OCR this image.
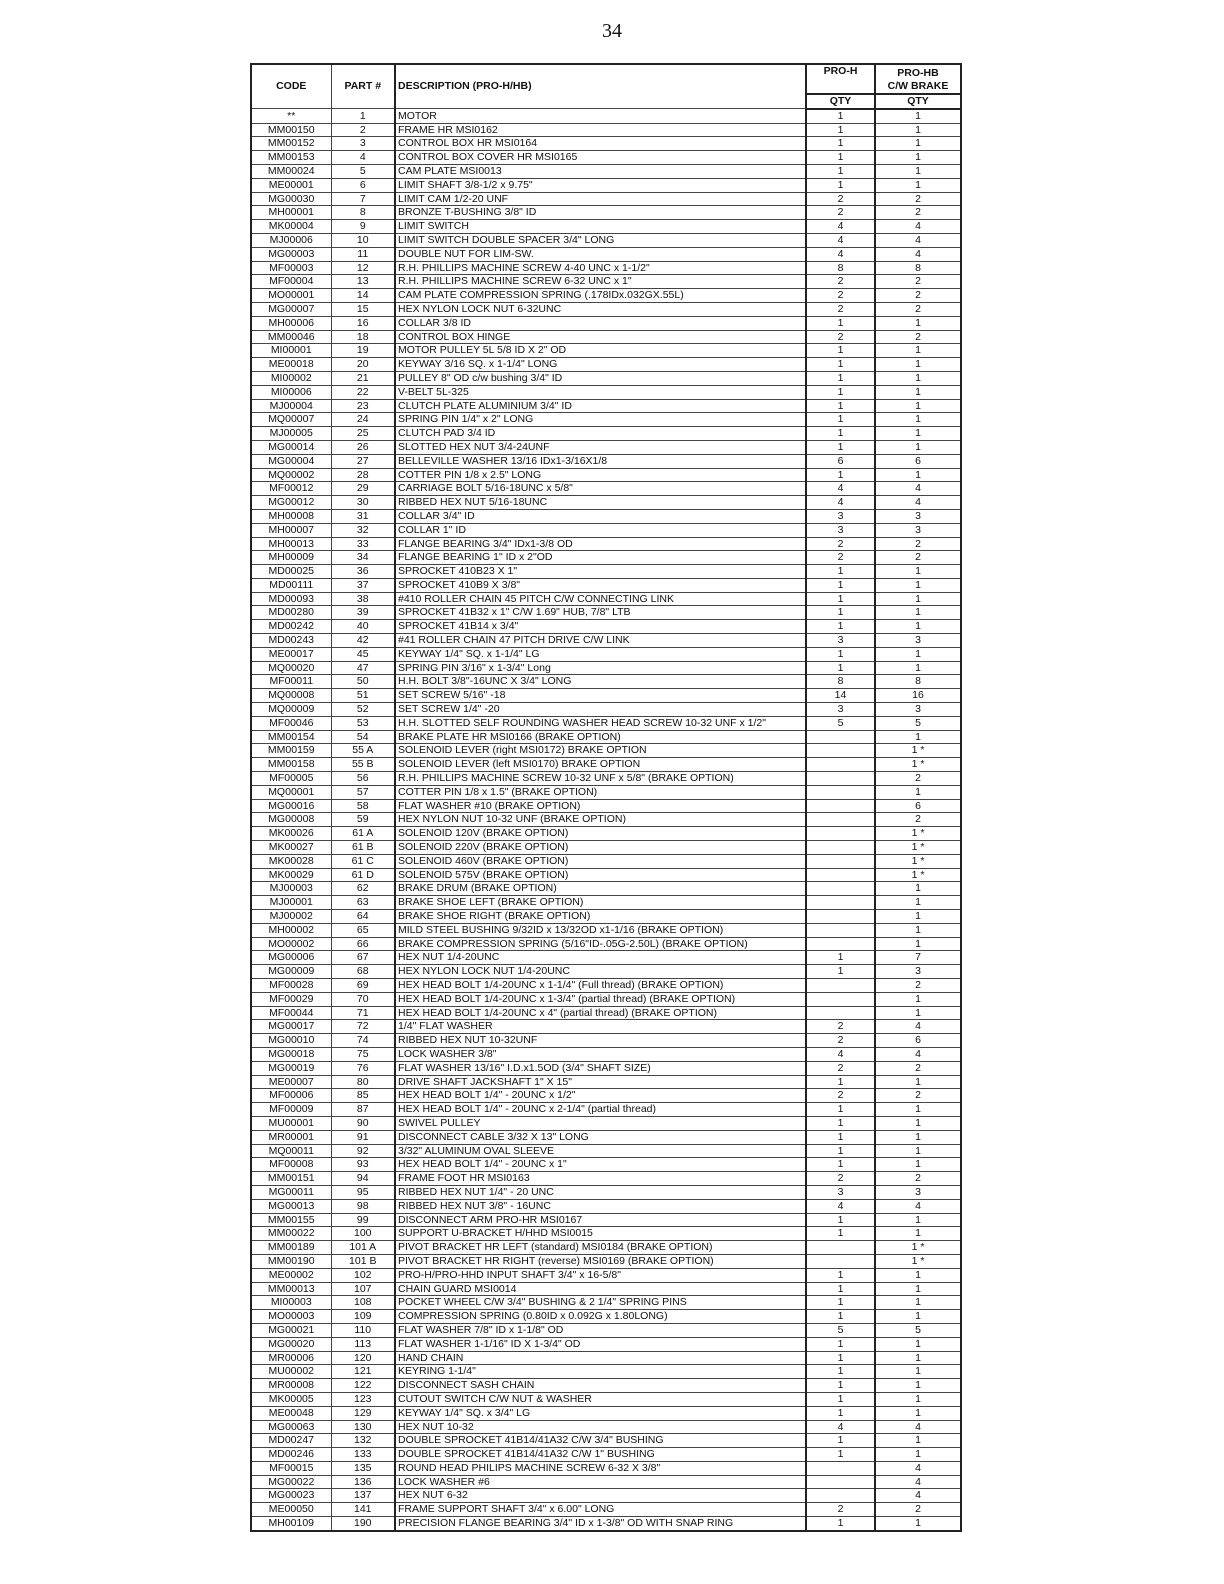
34
CODE	PART #	DESCRIPTION (PRO-H/HB)	PRO-H	PRO-HB
C/W BRAKE
			QTY	QTY
**	1	MOTOR	1	1
MM00150	2	FRAME HR MSI0162	1	1
MM00152	3	CONTROL BOX HR MSI0164	1	1
MM00153	4	CONTROL BOX COVER HR MSI0165	1	1
MM00024	5	CAM PLATE MSI0013	1	1
ME00001	6	LIMIT SHAFT 3/8-1/2 x 9.75"	1	1
MG00030	7	LIMIT CAM 1/2-20 UNF	2	2
MH00001	8	BRONZE T-BUSHING 3/8" ID	2	2
MK00004	9	LIMIT SWITCH	4	4
MJ00006	10	LIMIT SWITCH DOUBLE SPACER 3/4" LONG	4	4
MG00003	11	DOUBLE NUT FOR LIM-SW.	4	4
MF00003	12	R.H. PHILLIPS MACHINE SCREW 4-40 UNC x 1-1/2"	8	8
MF00004	13	R.H. PHILLIPS MACHINE SCREW 6-32 UNC x 1"	2	2
MO00001	14	CAM PLATE COMPRESSION SPRING (.178IDx.032GX.55L)	2	2
MG00007	15	HEX NYLON LOCK NUT 6-32UNC	2	2
MH00006	16	COLLAR 3/8 ID	1	1
MM00046	18	CONTROL BOX HINGE	2	2
MI00001	19	MOTOR PULLEY 5L 5/8 ID X 2" OD	1	1
ME00018	20	KEYWAY 3/16 SQ. x 1-1/4" LONG	1	1
MI00002	21	PULLEY 8" OD c/w bushing 3/4" ID	1	1
MI00006	22	V-BELT 5L-325	1	1
MJ00004	23	CLUTCH PLATE ALUMINIUM 3/4" ID	1	1
MQ00007	24	SPRING PIN 1/4" x 2" LONG	1	1
MJ00005	25	CLUTCH PAD 3/4 ID	1	1
MG00014	26	SLOTTED HEX NUT 3/4-24UNF	1	1
MG00004	27	BELLEVILLE WASHER 13/16 IDx1-3/16X1/8	6	6
MQ00002	28	COTTER PIN 1/8 x 2.5" LONG	1	1
MF00012	29	CARRIAGE BOLT 5/16-18UNC x 5/8"	4	4
MG00012	30	RIBBED HEX NUT 5/16-18UNC	4	4
MH00008	31	COLLAR 3/4" ID	3	3
MH00007	32	COLLAR 1" ID	3	3
MH00013	33	FLANGE BEARING 3/4" IDx1-3/8 OD	2	2
MH00009	34	FLANGE BEARING 1" ID x 2"OD	2	2
MD00025	36	SPROCKET 410B23 X 1"	1	1
MD00111	37	SPROCKET 410B9 X 3/8"	1	1
MD00093	38	#410 ROLLER CHAIN 45 PITCH C/W CONNECTING LINK	1	1
MD00280	39	SPROCKET 41B32 x 1" C/W 1.69" HUB, 7/8" LTB	1	1
MD00242	40	SPROCKET 41B14 x 3/4"	1	1
MD00243	42	#41 ROLLER CHAIN 47 PITCH DRIVE C/W LINK	3	3
ME00017	45	KEYWAY 1/4" SQ. x 1-1/4" LG	1	1
MQ00020	47	SPRING PIN 3/16" x 1-3/4" Long	1	1
MF00011	50	H.H. BOLT 3/8"-16UNC X 3/4" LONG	8	8
MQ00008	51	SET SCREW 5/16" -18	14	16
MQ00009	52	SET SCREW 1/4" -20	3	3
MF00046	53	H.H. SLOTTED SELF ROUNDING WASHER HEAD SCREW 10-32 UNF x 1/2"	5	5
MM00154	54	BRAKE PLATE HR MSI0166 (BRAKE OPTION)		1
MM00159	55 A	SOLENOID LEVER (right MSI0172) BRAKE OPTION		1 *
MM00158	55 B	SOLENOID LEVER (left MSI0170) BRAKE OPTION		1 *
MF00005	56	R.H. PHILLIPS MACHINE SCREW 10-32 UNF x 5/8" (BRAKE OPTION)		2
MQ00001	57	COTTER PIN 1/8 x 1.5" (BRAKE OPTION)		1
MG00016	58	FLAT WASHER #10 (BRAKE OPTION)		6
MG00008	59	HEX NYLON NUT 10-32 UNF (BRAKE OPTION)		2
MK00026	61 A	SOLENOID 120V (BRAKE OPTION)		1 *
MK00027	61 B	SOLENOID 220V (BRAKE OPTION)		1 *
MK00028	61 C	SOLENOID 460V (BRAKE OPTION)		1 *
MK00029	61 D	SOLENOID 575V (BRAKE OPTION)		1 *
MJ00003	62	BRAKE DRUM (BRAKE OPTION)		1
MJ00001	63	BRAKE SHOE LEFT (BRAKE OPTION)		1
MJ00002	64	BRAKE SHOE RIGHT (BRAKE OPTION)		1
MH00002	65	MILD STEEL BUSHING 9/32ID x 13/32OD x1-1/16 (BRAKE OPTION)		1
MO00002	66	BRAKE COMPRESSION SPRING (5/16"ID-.05G-2.50L) (BRAKE OPTION)		1
MG00006	67	HEX NUT 1/4-20UNC	1	7
MG00009	68	HEX NYLON LOCK NUT 1/4-20UNC	1	3
MF00028	69	HEX HEAD BOLT 1/4-20UNC x 1-1/4" (Full thread) (BRAKE OPTION)		2
MF00029	70	HEX HEAD BOLT 1/4-20UNC x 1-3/4" (partial thread) (BRAKE OPTION)		1
MF00044	71	HEX HEAD BOLT 1/4-20UNC x 4" (partial thread) (BRAKE OPTION)		1
MG00017	72	1/4" FLAT WASHER	2	4
MG00010	74	RIBBED HEX NUT 10-32UNF	2	6
MG00018	75	LOCK WASHER 3/8"	4	4
MG00019	76	FLAT WASHER 13/16" I.D.x1.5OD (3/4" SHAFT SIZE)	2	2
ME00007	80	DRIVE SHAFT JACKSHAFT 1" X 15"	1	1
MF00006	85	HEX HEAD BOLT 1/4" - 20UNC x 1/2"	2	2
MF00009	87	HEX HEAD BOLT 1/4" - 20UNC x 2-1/4" (partial thread)	1	1
MU00001	90	SWIVEL PULLEY	1	1
MR00001	91	DISCONNECT CABLE 3/32 X 13" LONG	1	1
MQ00011	92	3/32" ALUMINUM OVAL SLEEVE	1	1
MF00008	93	HEX HEAD BOLT 1/4" - 20UNC x 1"	1	1
MM00151	94	FRAME FOOT HR MSI0163	2	2
MG00011	95	RIBBED HEX NUT 1/4" - 20 UNC	3	3
MG00013	98	RIBBED HEX NUT 3/8" - 16UNC	4	4
MM00155	99	DISCONNECT ARM PRO-HR MSI0167	1	1
MM00022	100	SUPPORT U-BRACKET H/HHD MSI0015	1	1
MM00189	101 A	PIVOT BRACKET HR LEFT (standard) MSI0184 (BRAKE OPTION)		1 *
MM00190	101 B	PIVOT BRACKET HR RIGHT (reverse) MSI0169 (BRAKE OPTION)		1 *
ME00002	102	PRO-H/PRO-HHD INPUT SHAFT 3/4" x 16-5/8"	1	1
MM00013	107	CHAIN GUARD MSI0014	1	1
MI00003	108	POCKET WHEEL C/W 3/4" BUSHING & 2 1/4" SPRING PINS	1	1
MO00003	109	COMPRESSION SPRING (0.80ID x 0.092G x 1.80LONG)	1	1
MG00021	110	FLAT WASHER 7/8" ID x 1-1/8" OD	5	5
MG00020	113	FLAT WASHER 1-1/16" ID X 1-3/4" OD	1	1
MR00006	120	HAND CHAIN	1	1
MU00002	121	KEYRING 1-1/4"	1	1
MR00008	122	DISCONNECT SASH CHAIN	1	1
MK00005	123	CUTOUT SWITCH C/W NUT & WASHER	1	1
ME00048	129	KEYWAY 1/4" SQ. x 3/4" LG	1	1
MG00063	130	HEX NUT 10-32	4	4
MD00247	132	DOUBLE SPROCKET 41B14/41A32 C/W 3/4" BUSHING	1	1
MD00246	133	DOUBLE SPROCKET 41B14/41A32 C/W 1" BUSHING	1	1
MF00015	135	ROUND HEAD PHILIPS MACHINE SCREW 6-32 X 3/8"		4
MG00022	136	LOCK WASHER #6		4
MG00023	137	HEX NUT 6-32		4
ME00050	141	FRAME SUPPORT SHAFT 3/4" x 6.00" LONG	2	2
MH00109	190	PRECISION FLANGE BEARING 3/4" ID x 1-3/8" OD WITH SNAP RING	1	1
